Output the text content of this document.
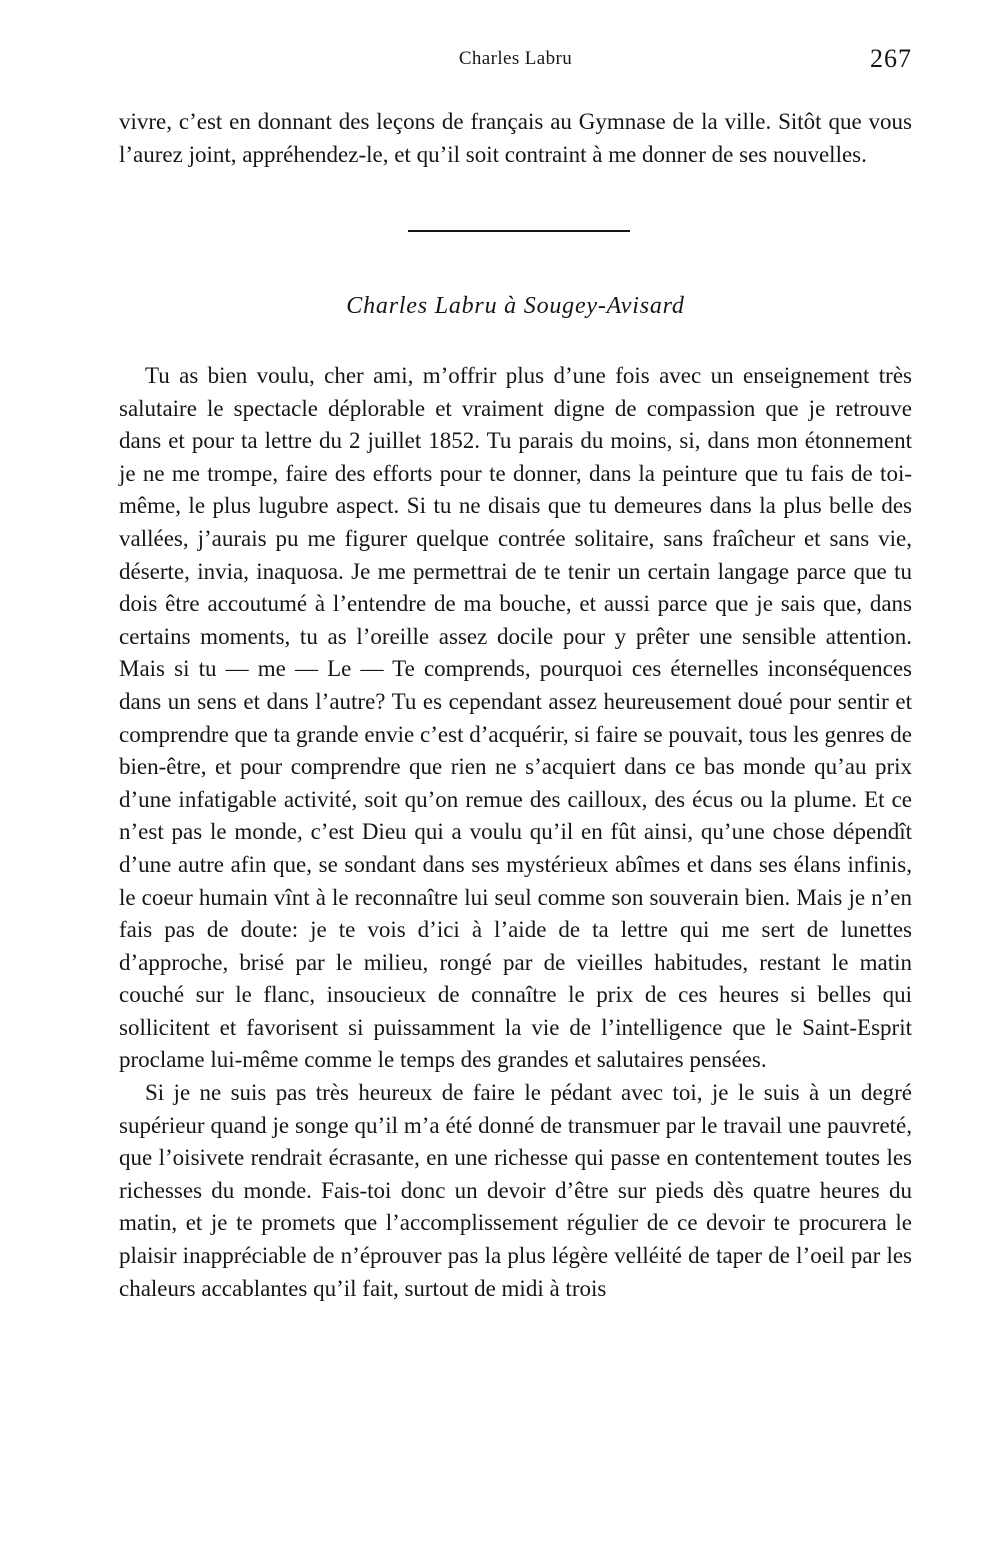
Charles Labru	267

vivre, c’est en donnant des leçons de français au Gymnase de la ville. Sitôt que vous l’aurez joint, appréhendez-le, et qu’il soit contraint à me donner de ses nouvelles.

Charles Labru à Sougey-Avisard

Tu as bien voulu, cher ami, m’offrir plus d’une fois avec un enseignement très salutaire le spectacle déplorable et vraiment digne de compassion que je retrouve dans et pour ta lettre du 2 juillet 1852. Tu parais du moins, si, dans mon étonnement je ne me trompe, faire des efforts pour te donner, dans la peinture que tu fais de toi-même, le plus lugubre aspect. Si tu ne disais que tu demeures dans la plus belle des vallées, j’aurais pu me figurer quelque contrée solitaire, sans fraîcheur et sans vie, déserte, invia, inaquosa. Je me permettrai de te tenir un certain langage parce que tu dois être accoutumé à l’entendre de ma bouche, et aussi parce que je sais que, dans certains moments, tu as l’oreille assez docile pour y prêter une sensible attention. Mais si tu — me — Le — Te comprends, pourquoi ces éternelles inconséquences dans un sens et dans l’autre? Tu es cependant assez heureusement doué pour sentir et comprendre que ta grande envie c’est d’acquérir, si faire se pouvait, tous les genres de bien-être, et pour comprendre que rien ne s’acquiert dans ce bas monde qu’au prix d’une infatigable activité, soit qu’on remue des cailloux, des écus ou la plume. Et ce n’est pas le monde, c’est Dieu qui a voulu qu’il en fût ainsi, qu’une chose dépendît d’une autre afin que, se sondant dans ses mystérieux abîmes et dans ses élans infinis, le coeur humain vînt à le reconnaître lui seul comme son souverain bien. Mais je n’en fais pas de doute: je te vois d’ici à l’aide de ta lettre qui me sert de lunettes d’approche, brisé par le milieu, rongé par de vieilles habitudes, restant le matin couché sur le flanc, insoucieux de connaître le prix de ces heures si belles qui sollicitent et favorisent si puissamment la vie de l’intelligence que le Saint-Esprit proclame lui-même comme le temps des grandes et salutaires pensées.

Si je ne suis pas très heureux de faire le pédant avec toi, je le suis à un degré supérieur quand je songe qu’il m’a été donné de transmuer par le travail une pauvreté, que l’oisivete rendrait écrasante, en une richesse qui passe en contentement toutes les richesses du monde. Fais-toi donc un devoir d’être sur pieds dès quatre heures du matin, et je te promets que l’accomplissement régulier de ce devoir te procurera le plaisir inappréciable de n’éprouver pas la plus légère velléité de taper de l’oeil par les chaleurs accablantes qu’il fait, surtout de midi à trois
